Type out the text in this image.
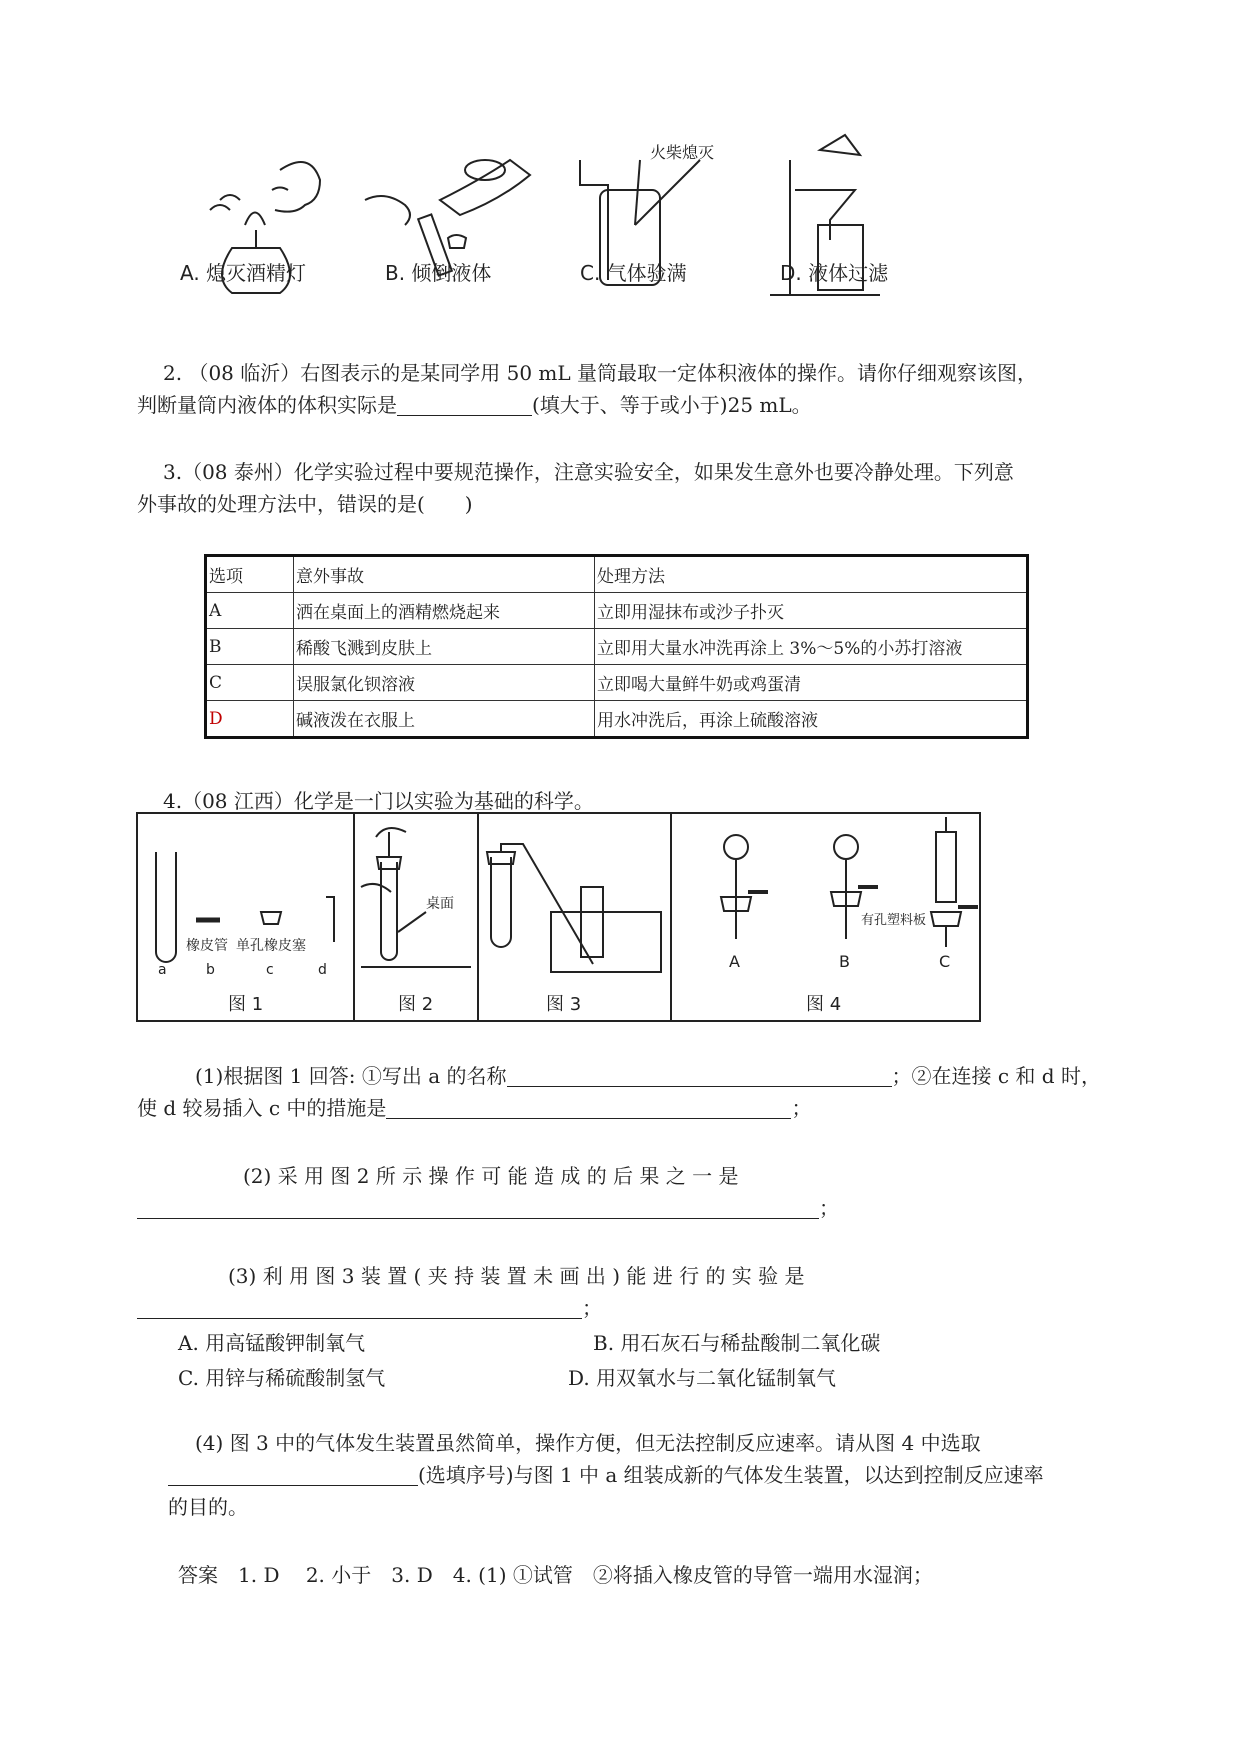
火柴熄灭
A. 熄灭酒精灯	B. 倾倒液体	C. 气体验满	D. 液体过滤
2. （08 临沂）右图表示的是某同学用 50 mL 量筒最取一定体积液体的操作。请你仔细观察该图，
判断量筒内液体的体积实际是	(填大于、等于或小于)25 mL。
3.（08 泰州）化学实验过程中要规范操作，注意实验安全，如果发生意外也要冷静处理。下列意
外事故的处理方法中，错误的是(　　)
选项	意外事故	处理方法
A	洒在桌面上的酒精燃烧起来	立即用湿抹布或沙子扑灭
B	稀酸飞溅到皮肤上	立即用大量水冲洗再涂上 3%～5%的小苏打溶液
C	误服氯化钡溶液	立即喝大量鲜牛奶或鸡蛋清
D	碱液泼在衣服上	用水冲洗后，再涂上硫酸溶液
4.（08 江西）化学是一门以实验为基础的科学。
橡皮管 单孔橡皮塞
a	b	c	d
图 1
桌面
图 2	图 3
有孔塑料板
A	B	C
图 4
(1)根据图 1 回答: ①写出 a 的名称	；②在连接 c 和 d 时，
使 d 较易插入 c 中的措施是	；
(2) 采 用 图 2 所 示 操 作 可 能 造 成 的 后 果 之 一 是
；
(3) 利 用 图 3 装 置 ( 夹 持 装 置 未 画 出 ) 能 进 行 的 实 验 是
；
A. 用高锰酸钾制氧气	B. 用石灰石与稀盐酸制二氧化碳
C. 用锌与稀硫酸制氢气	D. 用双氧水与二氧化锰制氧气
(4) 图 3 中的气体发生装置虽然简单，操作方便，但无法控制反应速率。请从图 4 中选取
(选填序号)与图 1 中 a 组装成新的气体发生装置，以达到控制反应速率
的目的。
答案　1. D　 2. 小于　3. D　4. (1) ①试管　②将插入橡皮管的导管一端用水湿润；
